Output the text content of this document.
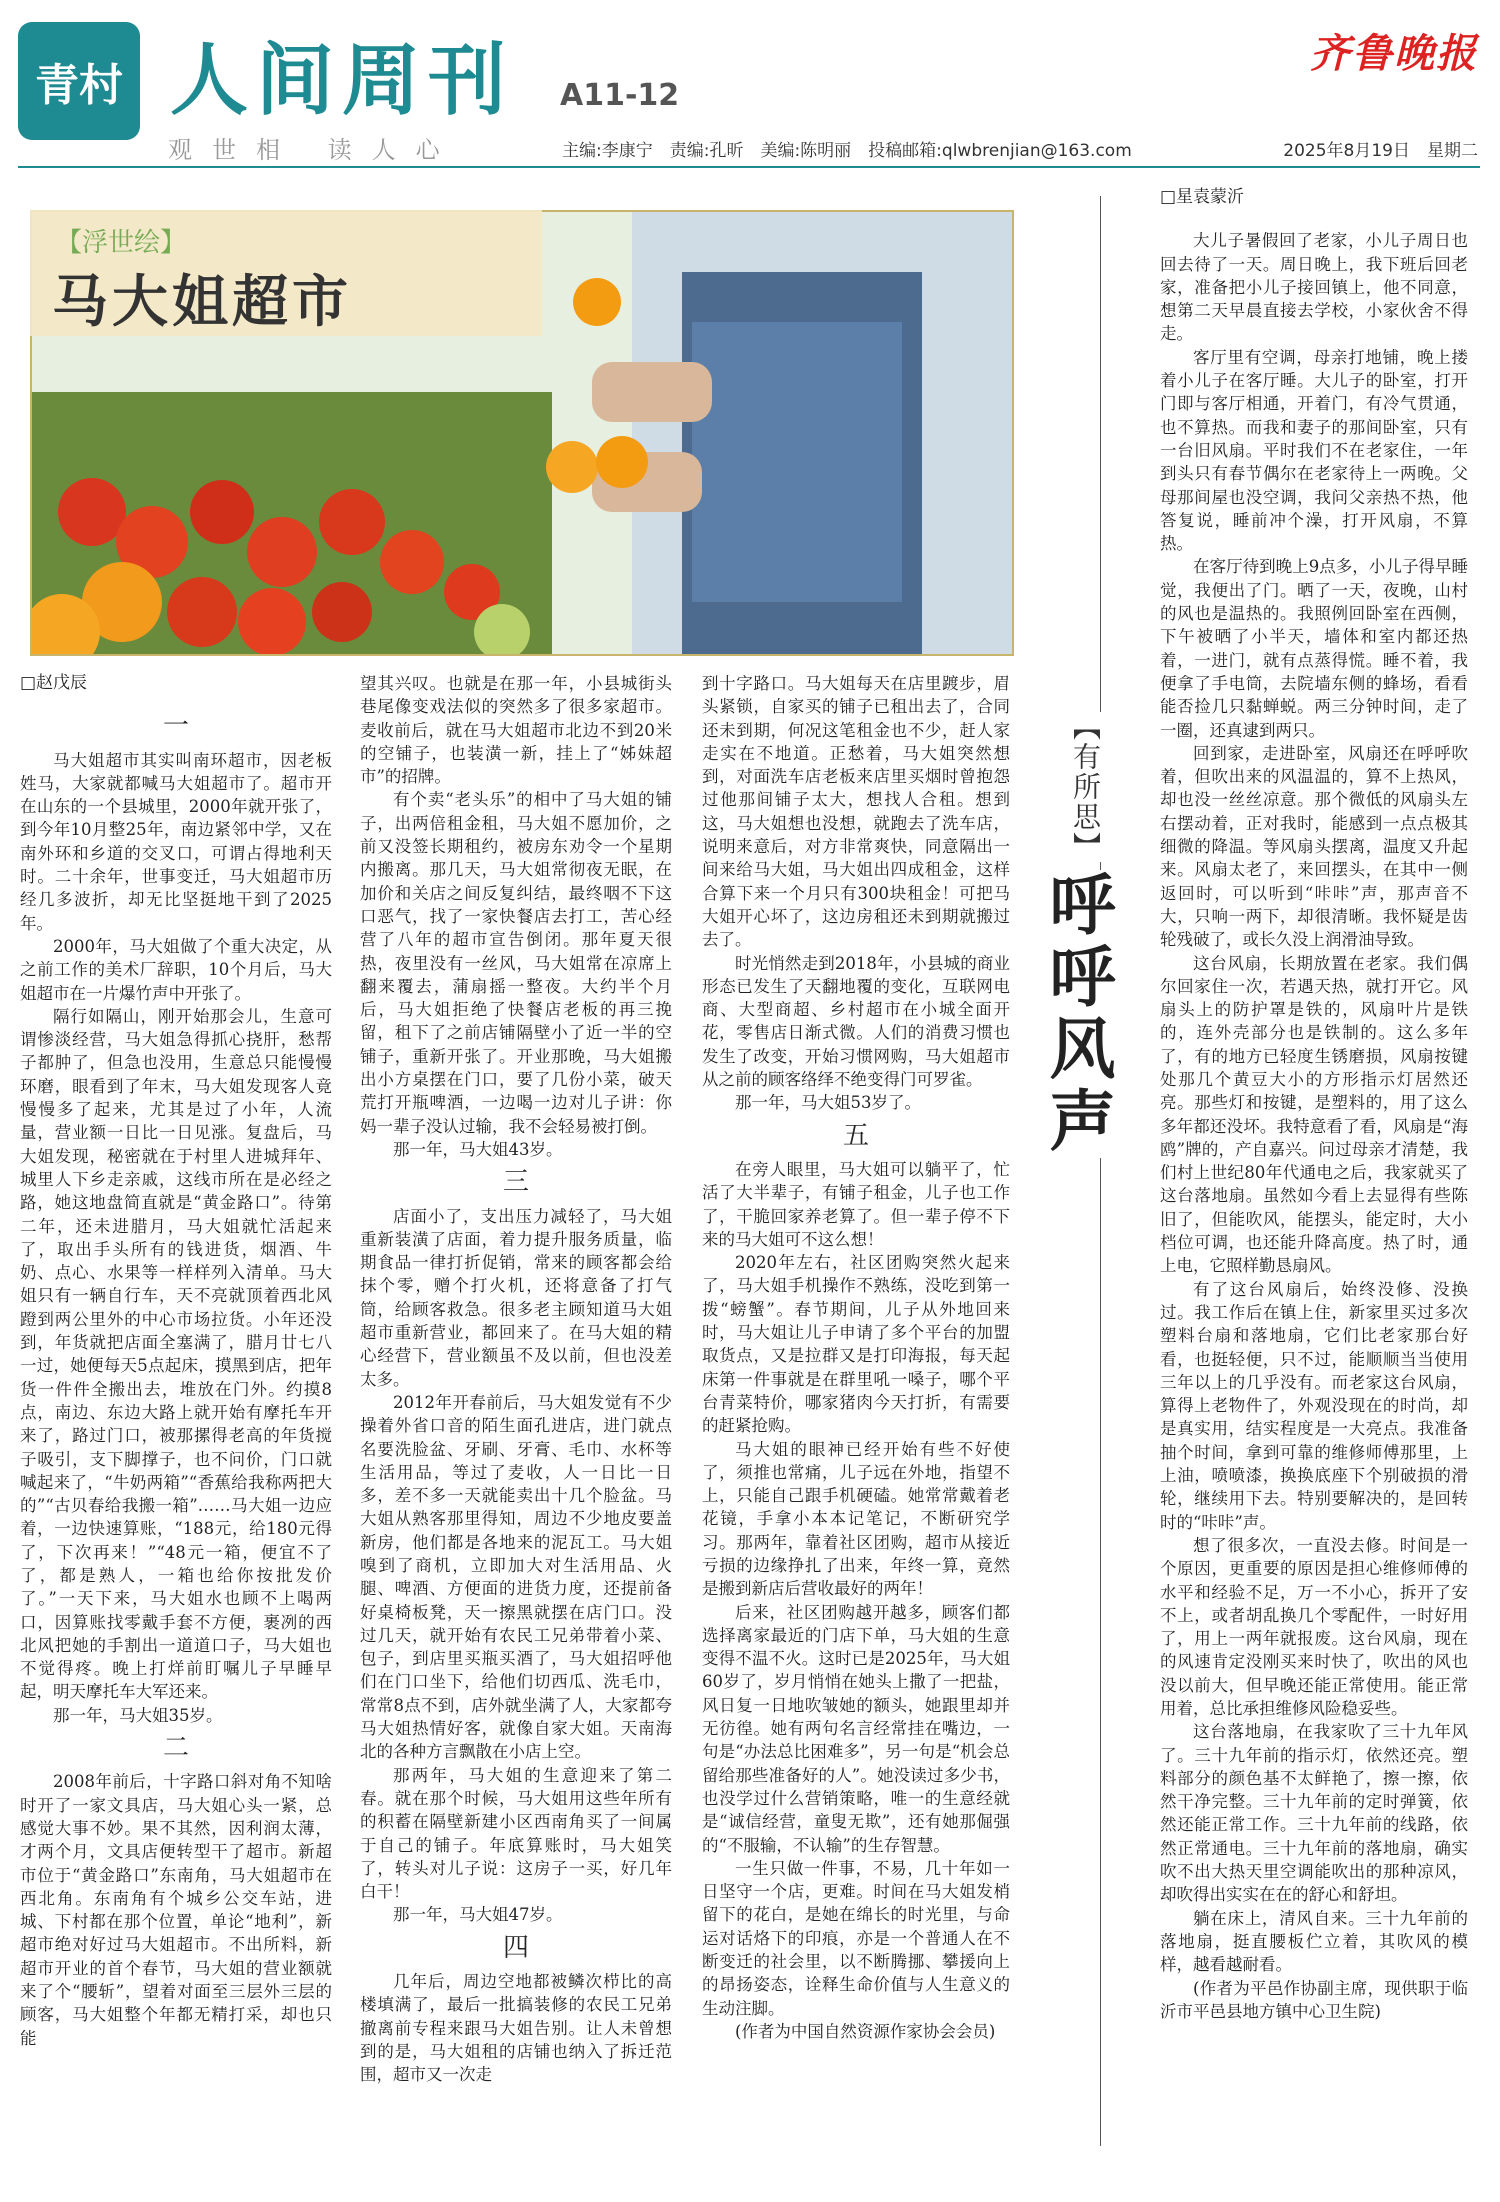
青村 人间周刊 A11-12
观世相 读人心
齐鲁晚报
主编:李康宁　责编:孔昕　美编:陈明丽　投稿邮箱:qlwbrenjian@163.com	2025年8月19日　星期二
【浮世绘】
马大姐超市
□赵戊辰
一

马大姐超市其实叫南环超市，因老板姓马，大家就都喊马大姐超市了。超市开在山东的一个县城里，2000年就开张了，到今年10月整25年，南边紧邻中学，又在南外环和乡道的交叉口，可谓占得地利天时。二十余年，世事变迁，马大姐超市历经几多波折，却无比坚挺地干到了2025年。

2000年，马大姐做了个重大决定，从之前工作的美术厂辞职，10个月后，马大姐超市在一片爆竹声中开张了。

隔行如隔山，刚开始那会儿，生意可谓惨淡经营，马大姐急得抓心挠肝，愁帮子都肿了，但急也没用，生意总只能慢慢环磨，眼看到了年末，马大姐发现客人竟慢慢多了起来，尤其是过了小年，人流量，营业额一日比一日见涨。复盘后，马大姐发现，秘密就在于村里人进城拜年、城里人下乡走亲戚，这线市所在是必经之路，她这地盘简直就是“黄金路口”。待第二年，还未进腊月，马大姐就忙活起来了，取出手头所有的钱进货，烟酒、牛奶、点心、水果等一样样列入清单。马大姐只有一辆自行车，天不亮就顶着西北风蹬到两公里外的中心市场拉货。小年还没到，年货就把店面全塞满了，腊月廿七八一过，她便每天5点起床，摸黑到店，把年货一件件全搬出去，堆放在门外。约摸8点，南边、东边大路上就开始有摩托车开来了，路过门口，被那摞得老高的年货搅子吸引，支下脚撑子，也不问价，门口就喊起来了，“牛奶两箱”“香蕉给我称两把大的”“古贝春给我搬一箱”……马大姐一边应着，一边快速算账，“188元，给180元得了，下次再来！”“48元一箱，便宜不了了，都是熟人，一箱也给你按批发价了。”一天下来，马大姐水也顾不上喝两口，因算账找零戴手套不方便，裹冽的西北风把她的手割出一道道口子，马大姐也不觉得疼。晚上打烊前盯嘱儿子早睡早起，明天摩托车大军还来。

那一年，马大姐35岁。

二

2008年前后，十字路口斜对角不知啥时开了一家文具店，马大姐心头一紧，总感觉大事不妙。果不其然，因利润太薄，才两个月，文具店便转型干了超市。新超市位于“黄金路口”东南角，马大姐超市在西北角。东南角有个城乡公交车站，进城、下村都在那个位置，单论“地利”，新超市绝对好过马大姐超市。不出所料，新超市开业的首个春节，马大姐的营业额就来了个“腰斩”，望着对面至三层外三层的顾客，马大姐整个年都无精打采，却也只能

望其兴叹。也就是在那一年，小县城街头巷尾像变戏法似的突然多了很多家超市。麦收前后，就在马大姐超市北边不到20米的空铺子，也装潢一新，挂上了“姊妹超市”的招牌。

有个卖“老头乐”的相中了马大姐的铺子，出两倍租金租，马大姐不愿加价，之前又没签长期租约，被房东劝令一个星期内搬离。那几天，马大姐常彻夜无眠，在加价和关店之间反复纠结，最终咽不下这口恶气，找了一家快餐店去打工，苦心经营了八年的超市宣告倒闭。那年夏天很热，夜里没有一丝风，马大姐常在凉席上翻来覆去，蒲扇摇一整夜。大约半个月后，马大姐拒绝了快餐店老板的再三挽留，租下了之前店铺隔壁小了近一半的空铺子，重新开张了。开业那晚，马大姐搬出小方桌摆在门口，要了几份小菜，破天荒打开瓶啤酒，一边喝一边对儿子讲：你妈一辈子没认过输，我不会轻易被打倒。

那一年，马大姐43岁。

三

店面小了，支出压力减轻了，马大姐重新装潢了店面，着力提升服务质量，临期食品一律打折促销，常来的顾客都会给抹个零，赠个打火机，还将意备了打气筒，给顾客救急。很多老主顾知道马大姐超市重新营业，都回来了。在马大姐的精心经营下，营业额虽不及以前，但也没差太多。

2012年开春前后，马大姐发觉有不少操着外省口音的陌生面孔进店，进门就点名要洗脸盆、牙刷、牙膏、毛巾、水杯等生活用品，等过了麦收，人一日比一日多，差不多一天就能卖出十几个脸盆。马大姐从熟客那里得知，周边不少地皮要盖新房，他们都是各地来的泥瓦工。马大姐嗅到了商机，立即加大对生活用品、火腿、啤酒、方便面的进货力度，还提前备好桌椅板凳，天一擦黑就摆在店门口。没过几天，就开始有农民工兄弟带着小菜、包子，到店里买瓶买酒了，马大姐招呼他们在门口坐下，给他们切西瓜、洗毛巾，常常8点不到，店外就坐满了人，大家都夸马大姐热情好客，就像自家大姐。天南海北的各种方言飘散在小店上空。

那两年，马大姐的生意迎来了第二春。就在那个时候，马大姐用这些年所有的积蓄在隔壁新建小区西南角买了一间属于自己的铺子。年底算账时，马大姐笑了，转头对儿子说：这房子一买，好几年白干！

那一年，马大姐47岁。

四

几年后，周边空地都被鳞次栉比的高楼填满了，最后一批搞装修的农民工兄弟撤离前专程来跟马大姐告别。让人未曾想到的是，马大姐租的店铺也纳入了拆迁范围，超市又一次走

到十字路口。马大姐每天在店里踱步，眉头紧锁，自家买的铺子已租出去了，合同还未到期，何况这笔租金也不少，赶人家走实在不地道。正愁着，马大姐突然想到，对面洗车店老板来店里买烟时曾抱怨过他那间铺子太大，想找人合租。想到这，马大姐想也没想，就跑去了洗车店，说明来意后，对方非常爽快，同意隔出一间来给马大姐，马大姐出四成租金，这样合算下来一个月只有300块租金！可把马大姐开心坏了，这边房租还未到期就搬过去了。

时光悄然走到2018年，小县城的商业形态已发生了天翻地覆的变化，互联网电商、大型商超、乡村超市在小城全面开花，零售店日渐式微。人们的消费习惯也发生了改变，开始习惯网购，马大姐超市从之前的顾客络绎不绝变得门可罗雀。

那一年，马大姐53岁了。

五

在旁人眼里，马大姐可以躺平了，忙活了大半辈子，有铺子租金，儿子也工作了，干脆回家养老算了。但一辈子停不下来的马大姐可不这么想！

2020年左右，社区团购突然火起来了，马大姐手机操作不熟练，没吃到第一拨“螃蟹”。春节期间，儿子从外地回来时，马大姐让儿子申请了多个平台的加盟取货点，又是拉群又是打印海报，每天起床第一件事就是在群里吼一嗓子，哪个平台青菜特价，哪家猪肉今天打折，有需要的赶紧抢购。

马大姐的眼神已经开始有些不好使了，须推也常痛，儿子远在外地，指望不上，只能自己跟手机硬磕。她常常戴着老花镜，手拿小本本记笔记，不断研究学习。那两年，靠着社区团购，超市从接近亏损的边缘挣扎了出来，年终一算，竟然是搬到新店后营收最好的两年！

后来，社区团购越开越多，顾客们都选择离家最近的门店下单，马大姐的生意变得不温不火。这时已是2025年，马大姐60岁了，岁月悄悄在她头上撒了一把盐，风日复一日地吹皱她的额头，她跟里却并无彷徨。她有两句名言经常挂在嘴边，一句是“办法总比困难多”，另一句是“机会总留给那些准备好的人”。她没读过多少书，也没学过什么营销策略，唯一的生意经就是“诚信经营，童叟无欺”，还有她那倔强的“不服输，不认输”的生存智慧。

一生只做一件事，不易，几十年如一日坚守一个店，更难。时间在马大姐发梢留下的花白，是她在绵长的时光里，与命运对话烙下的印痕，亦是一个普通人在不断变迁的社会里，以不断腾挪、攀援向上的昂扬姿态，诠释生命价值与人生意义的生动注脚。

(作者为中国自然资源作家协会会员)

【有所思】
呼呼风声
□星袁蒙沂

大儿子暑假回了老家，小儿子周日也回去待了一天。周日晚上，我下班后回老家，准备把小儿子接回镇上，他不同意，想第二天早晨直接去学校，小家伙舍不得走。

客厅里有空调，母亲打地铺，晚上搂着小儿子在客厅睡。大儿子的卧室，打开门即与客厅相通，开着门，有冷气贯通，也不算热。而我和妻子的那间卧室，只有一台旧风扇。平时我们不在老家住，一年到头只有春节偶尔在老家待上一两晚。父母那间屋也没空调，我问父亲热不热，他答复说，睡前冲个澡，打开风扇，不算热。

在客厅待到晚上9点多，小儿子得早睡觉，我便出了门。晒了一天，夜晚，山村的风也是温热的。我照例回卧室在西侧，下午被晒了小半天，墙体和室内都还热着，一进门，就有点蒸得慌。睡不着，我便拿了手电筒，去院墙东侧的蜂场，看看能否捡几只黏蝉蜕。两三分钟时间，走了一圈，还真逮到两只。

回到家，走进卧室，风扇还在呼呼吹着，但吹出来的风温温的，算不上热风，却也没一丝丝凉意。那个微低的风扇头左右摆动着，正对我时，能感到一点点极其细微的降温。等风扇头摆离，温度又升起来。风扇太老了，来回摆头，在其中一侧返回时，可以听到“咔咔”声，那声音不大，只响一两下，却很清晰。我怀疑是齿轮残破了，或长久没上润滑油导致。

这台风扇，长期放置在老家。我们偶尔回家住一次，若遇天热，就打开它。风扇头上的防护罩是铁的，风扇叶片是铁的，连外壳部分也是铁制的。这么多年了，有的地方已轻度生锈磨损，风扇按键处那几个黄豆大小的方形指示灯居然还亮。那些灯和按键，是塑料的，用了这么多年都还没坏。我特意看了看，风扇是“海鸥”牌的，产自嘉兴。问过母亲才清楚，我们村上世纪80年代通电之后，我家就买了这台落地扇。虽然如今看上去显得有些陈旧了，但能吹风，能摆头，能定时，大小档位可调，也还能升降高度。热了时，通上电，它照样勤恳扇风。

有了这台风扇后，始终没修、没换过。我工作后在镇上住，新家里买过多次塑料台扇和落地扇，它们比老家那台好看，也挺轻便，只不过，能顺顺当当使用三年以上的几乎没有。而老家这台风扇，算得上老物件了，外观没现在的时尚，却是真实用，结实程度是一大亮点。我准备抽个时间，拿到可靠的维修师傅那里，上上油，喷喷漆，换换底座下个别破损的滑轮，继续用下去。特别要解决的，是回转时的“咔咔”声。

想了很多次，一直没去修。时间是一个原因，更重要的原因是担心维修师傅的水平和经验不足，万一不小心，拆开了安不上，或者胡乱换几个零配件，一时好用了，用上一两年就报废。这台风扇，现在的风速肯定没刚买来时快了，吹出的风也没以前大，但早晚还能正常使用。能正常用着，总比承担维修风险稳妥些。

这台落地扇，在我家吹了三十九年风了。三十九年前的指示灯，依然还亮。塑料部分的颜色基不太鲜艳了，擦一擦，依然干净完整。三十九年前的定时弹簧，依然还能正常工作。三十九年前的线路，依然正常通电。三十九年前的落地扇，确实吹不出大热天里空调能吹出的那种凉风，却吹得出实实在在的舒心和舒坦。

躺在床上，清风自来。三十九年前的落地扇，挺直腰板伫立着，其吹风的模样，越看越耐看。

(作者为平邑作协副主席，现供职于临沂市平邑县地方镇中心卫生院)
